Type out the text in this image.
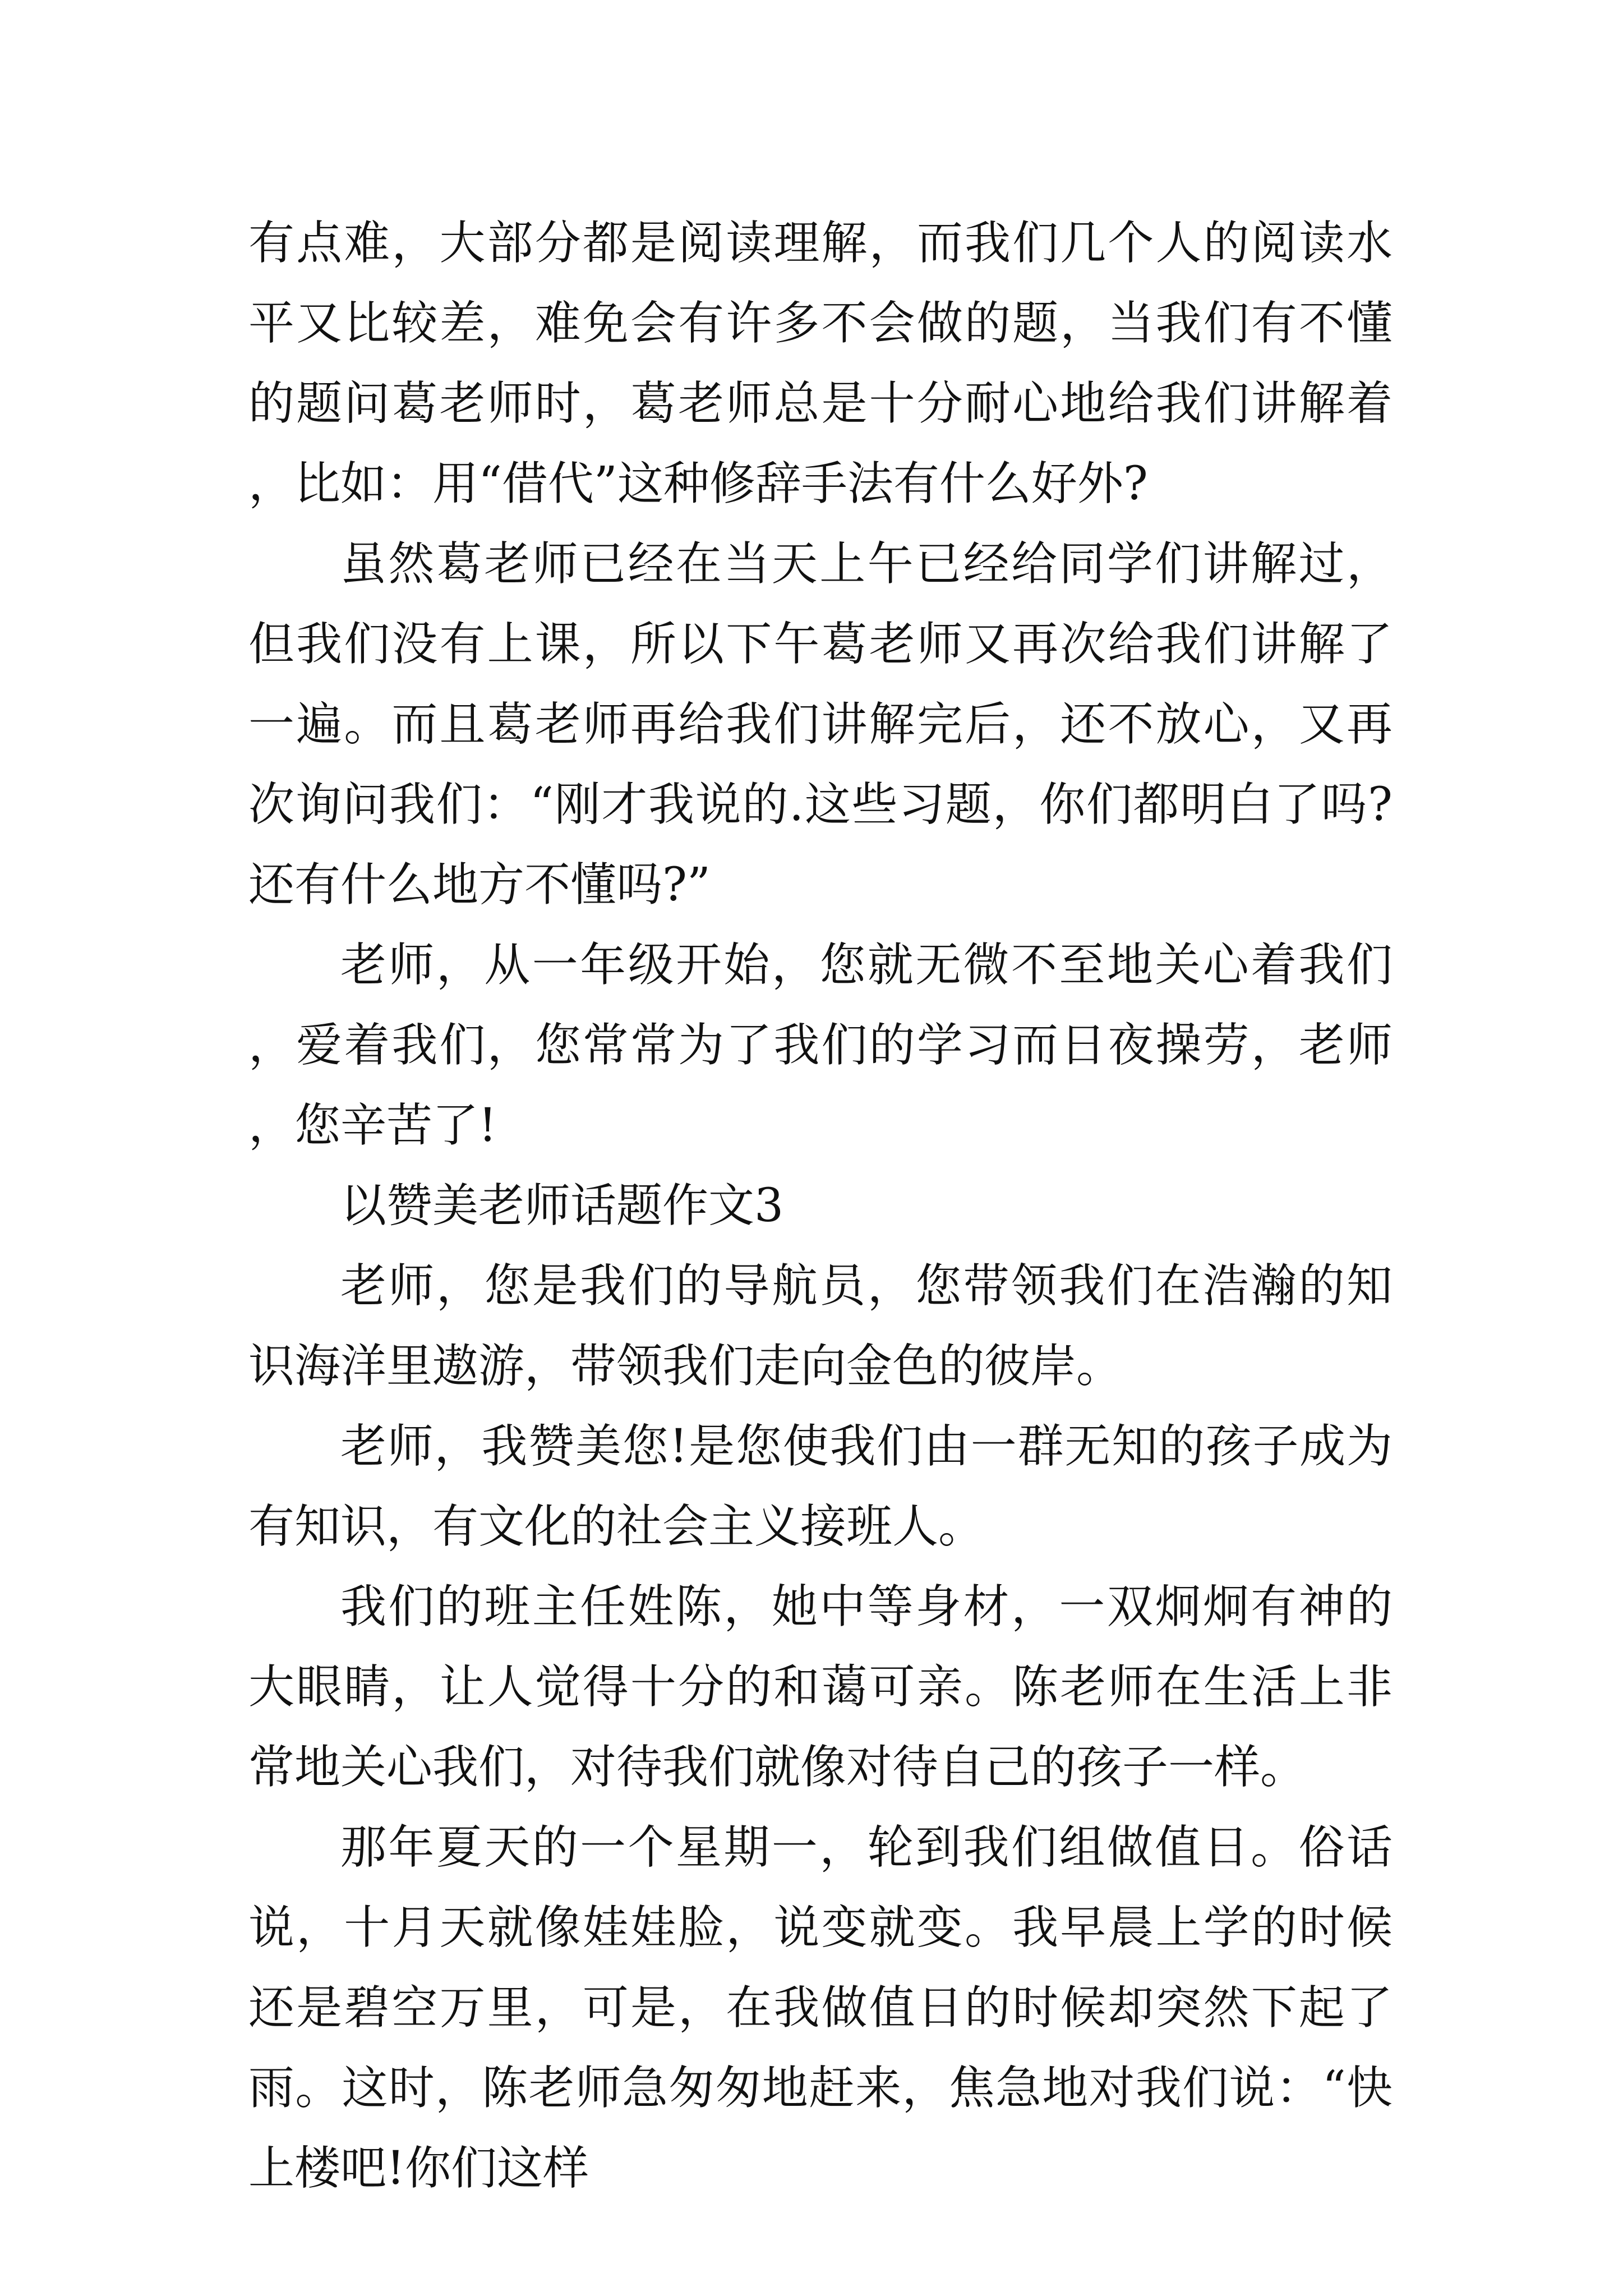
有点难，大部分都是阅读理解，而我们几个人的阅读水平又比较差，难免会有许多不会做的题，当我们有不懂的题问葛老师时，葛老师总是十分耐心地给我们讲解着，比如：用“借代”这种修辞手法有什么好外?

虽然葛老师已经在当天上午已经给同学们讲解过，但我们没有上课，所以下午葛老师又再次给我们讲解了一遍。而且葛老师再给我们讲解完后，还不放心，又再次询问我们：“刚才我说的.这些习题，你们都明白了吗?还有什么地方不懂吗?”

老师，从一年级开始，您就无微不至地关心着我们，爱着我们，您常常为了我们的学习而日夜操劳，老师，您辛苦了!

以赞美老师话题作文3

老师，您是我们的导航员，您带领我们在浩瀚的知识海洋里遨游，带领我们走向金色的彼岸。

老师，我赞美您!是您使我们由一群无知的孩子成为有知识，有文化的社会主义接班人。

我们的班主任姓陈，她中等身材，一双炯炯有神的大眼睛，让人觉得十分的和蔼可亲。陈老师在生活上非常地关心我们，对待我们就像对待自己的孩子一样。

那年夏天的一个星期一，轮到我们组做值日。俗话说，十月天就像娃娃脸，说变就变。我早晨上学的时候还是碧空万里，可是，在我做值日的时候却突然下起了雨。这时，陈老师急匆匆地赶来，焦急地对我们说：“快上楼吧!你们这样
